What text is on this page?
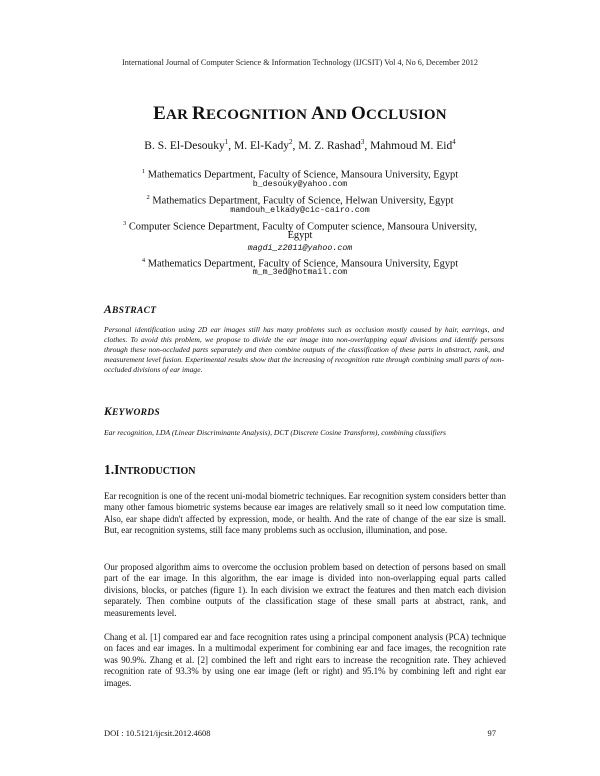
International Journal of Computer Science & Information Technology (IJCSIT) Vol 4, No 6, December 2012
EAR RECOGNITION AND OCCLUSION
B. S. El-Desouky$^1$, M. El-Kady$^2$, M. Z. Rashad$^3$, Mahmoud M. Eid$^4$
$^1$ Mathematics Department, Faculty of Science, Mansoura University, Egypt
b_desouky@yahoo.com
$^2$ Mathematics Department, Faculty of Science, Helwan University, Egypt
mamdouh_elkady@cic-cairo.com
$^3$ Computer Science Department, Faculty of Computer science, Mansoura University,
Egypt
magdi_z2011@yahoo.com
$^4$ Mathematics Department, Faculty of Science, Mansoura University, Egypt
m_m_3ed@hotmail.com
ABSTRACT
Personal identification using 2D ear images still has many problems such as occlusion mostly caused by hair, earrings, and clothes. To avoid this problem, we propose to divide the ear image into non-overlapping equal divisions and identify persons through these non-occluded parts separately and then combine outputs of the classification of these parts in abstract, rank, and measurement level fusion. Experimental results show that the increasing of recognition rate through combining small parts of non-occluded divisions of ear image.
KEYWORDS
Ear recognition, LDA (Linear Discriminante Analysis), DCT (Discrete Cosine Transform), combining classifiers
1.INTRODUCTION
Ear recognition is one of the recent uni-modal biometric techniques. Ear recognition system considers better than many other famous biometric systems because ear images are relatively small so it need low computation time. Also, ear shape didn't affected by expression, mode, or health. And the rate of change of the ear size is small. But, ear recognition systems, still face many problems such as occlusion, illumination, and pose.
Our proposed algorithm aims to overcome the occlusion problem based on detection of persons based on small part of the ear image. In this algorithm, the ear image is divided into non-overlapping equal parts called divisions, blocks, or patches (figure 1). In each division we extract the features and then match each division separately. Then combine outputs of the classification stage of these small parts at abstract, rank, and measurements level.
Chang et al. [1] compared ear and face recognition rates using a principal component analysis (PCA) technique on faces and ear images. In a multimodal experiment for combining ear and face images, the recognition rate was 90.9%. Zhang et al. [2] combined the left and right ears to increase the recognition rate. They achieved recognition rate of 93.3% by using one ear image (left or right) and 95.1% by combining left and right ear images.
DOI : 10.5121/ijcsit.2012.4608	97
